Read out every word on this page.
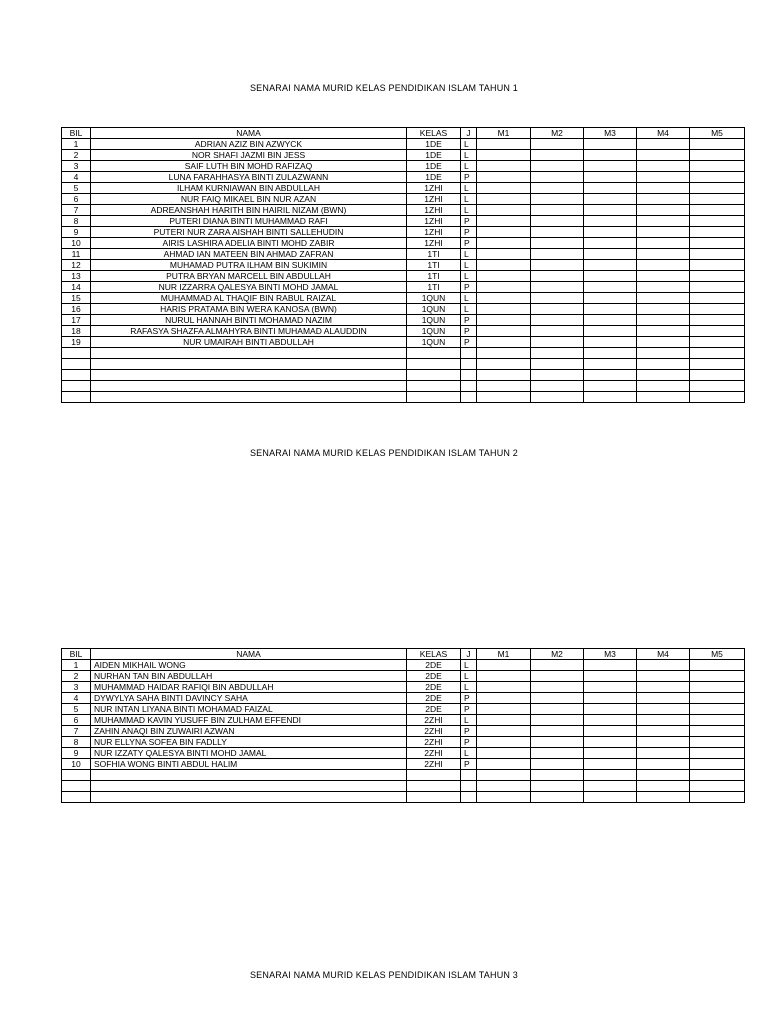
SENARAI NAMA MURID KELAS PENDIDIKAN ISLAM TAHUN 1
BIL	NAMA	KELAS	J	M1	M2	M3	M4	M5
1	ADRIAN AZIZ BIN AZWYCK	1DE	L					
2	NOR SHAFI JAZMI BIN JESS	1DE	L					
3	SAIF LUTH BIN MOHD RAFIZAQ	1DE	L					
4	LUNA FARAHHASYA BINTI ZULAZWANN	1DE	P					
5	ILHAM KURNIAWAN BIN ABDULLAH	1ZHI	L					
6	NUR FAIQ MIKAEL BIN NUR AZAN	1ZHI	L					
7	ADREANSHAH HARITH BIN HAIRIL NIZAM (BWN)	1ZHI	L					
8	PUTERI DIANA BINTI MUHAMMAD RAFI	1ZHI	P					
9	PUTERI NUR ZARA AISHAH BINTI SALLEHUDIN	1ZHI	P					
10	AIRIS LASHIRA ADELIA BINTI MOHD ZABIR	1ZHI	P					
11	AHMAD IAN MATEEN BIN AHMAD ZAFRAN	1TI	L					
12	MUHAMAD PUTRA ILHAM BIN SUKIMIN	1TI	L					
13	PUTRA BRYAN MARCELL BIN ABDULLAH	1TI	L					
14	NUR IZZARRA QALESYA BINTI MOHD JAMAL	1TI	P					
15	MUHAMMAD AL THAQIF BIN RABUL RAIZAL	1QUN	L					
16	HARIS PRATAMA BIN WERA KANOSA (BWN)	1QUN	L					
17	NURUL HANNAH BINTI MOHAMAD NAZIM	1QUN	P					
18	RAFASYA SHAZFA ALMAHYRA BINTI MUHAMAD ALAUDDIN	1QUN	P					
19	NUR UMAIRAH BINTI ABDULLAH	1QUN	P					

SENARAI NAMA MURID KELAS PENDIDIKAN ISLAM TAHUN 2
BIL	NAMA	KELAS	J	M1	M2	M3	M4	M5
1	AIDEN MIKHAIL WONG	2DE	L					
2	NURHAN TAN BIN ABDULLAH	2DE	L					
3	MUHAMMAD HAIDAR RAFIQI BIN ABDULLAH	2DE	L					
4	DYWYLYA SAHA BINTI DAVINCY SAHA	2DE	P					
5	NUR INTAN LIYANA BINTI MOHAMAD FAIZAL	2DE	P					
6	MUHAMMAD KAVIN YUSUFF BIN ZULHAM EFFENDI	2ZHI	L					
7	ZAHIN ANAQI BIN ZUWAIRI AZWAN	2ZHI	P					
8	NUR ELLYNA SOFEA BIN FADLLY	2ZHI	P					
9	NUR IZZATY QALESYA BINTI MOHD JAMAL	2ZHI	L					
10	SOFHIA WONG BINTI ABDUL HALIM	2ZHI	P					

SENARAI NAMA MURID KELAS PENDIDIKAN ISLAM TAHUN 3
